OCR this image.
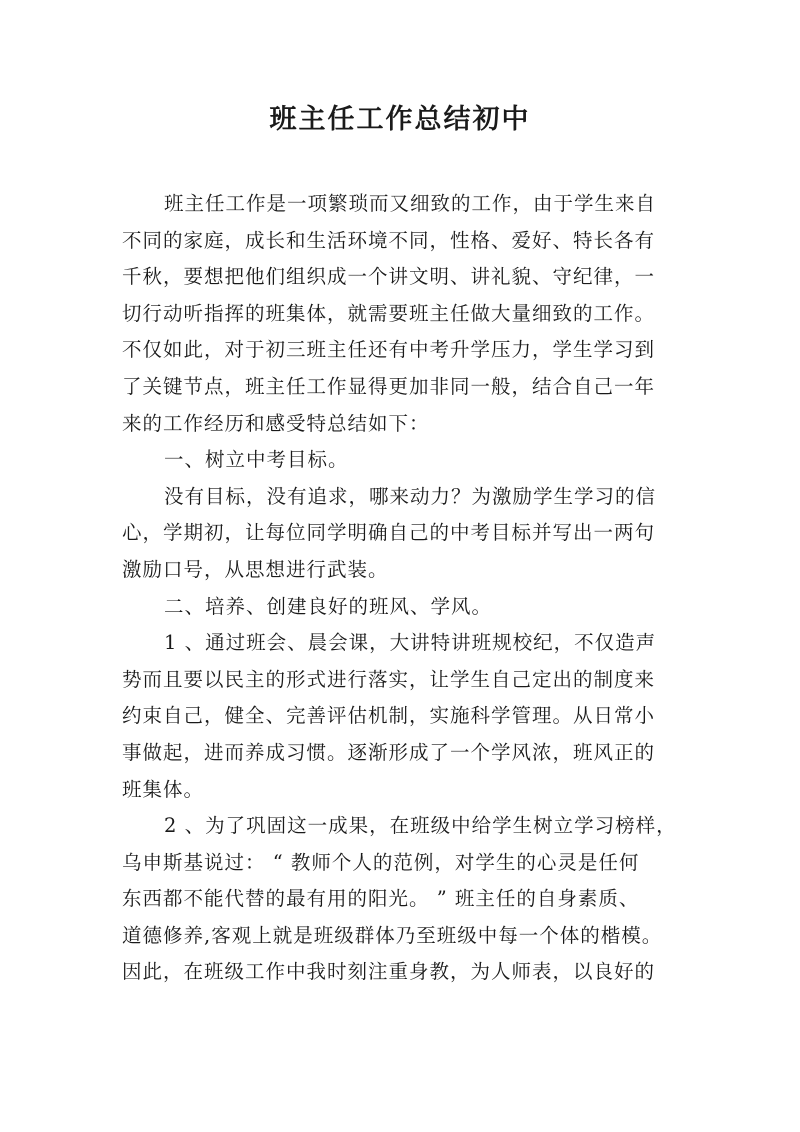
班主任工作总结初中
班主任工作是一项繁琐而又细致的工作，由于学生来自
不同的家庭，成长和生活环境不同，性格、爱好、特长各有
千秋，要想把他们组织成一个讲文明、讲礼貌、守纪律，一
切行动听指挥的班集体，就需要班主任做大量细致的工作。
不仅如此，对于初三班主任还有中考升学压力，学生学习到
了关键节点，班主任工作显得更加非同一般，结合自己一年
来的工作经历和感受特总结如下：
一、树立中考目标。
没有目标，没有追求，哪来动力？为激励学生学习的信
心，学期初，让每位同学明确自己的中考目标并写出一两句
激励口号，从思想进行武装。
二、培养、创建良好的班风、学风。
1 、通过班会、晨会课，大讲特讲班规校纪，不仅造声
势而且要以民主的形式进行落实，让学生自己定出的制度来
约束自己，健全、完善评估机制，实施科学管理。从日常小
事做起，进而养成习惯。逐渐形成了一个学风浓，班风正的
班集体。
2 、为了巩固这一成果，在班级中给学生树立学习榜样，
乌申斯基说过： “ 教师个人的范例，对学生的心灵是任何
东西都不能代替的最有用的阳光。 ” 班主任的自身素质、
道德修养,客观上就是班级群体乃至班级中每一个体的楷模。
因此，在班级工作中我时刻注重身教，为人师表，以良好的
